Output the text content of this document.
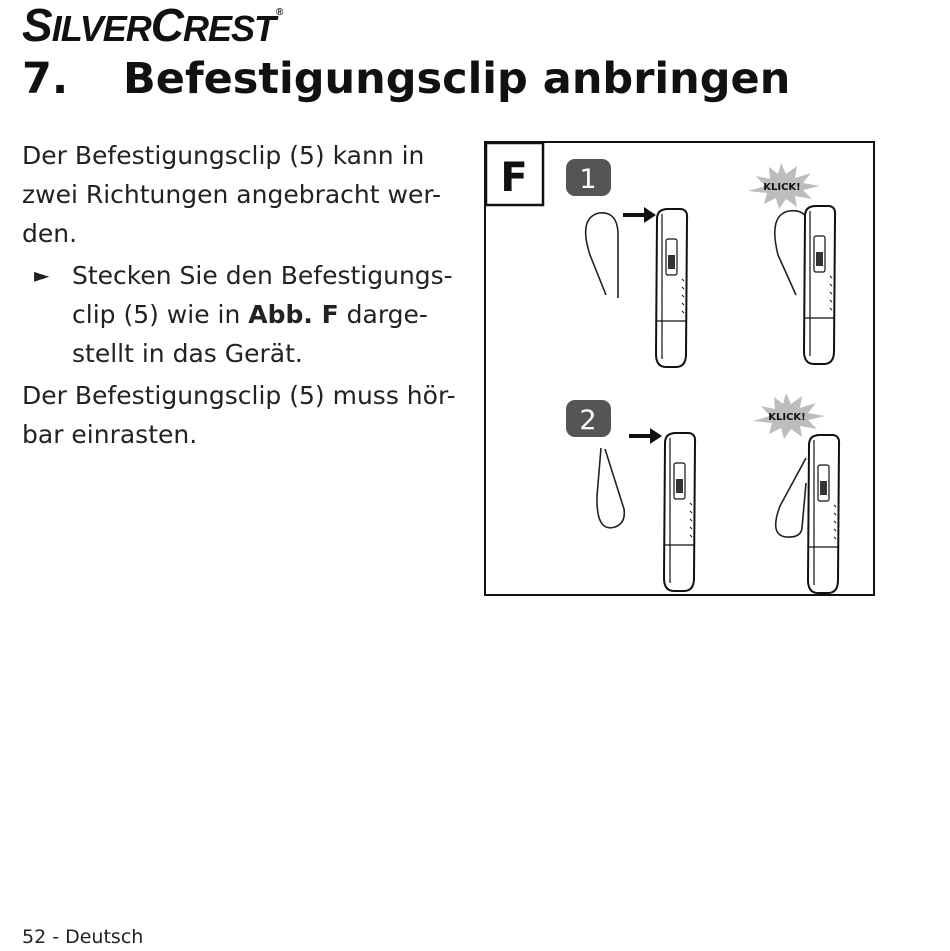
SILVERCREST®
7. Befestigungsclip anbringen

Der Befestigungsclip (5) kann in
zwei Richtungen angebracht wer-
den.

► Stecken Sie den Befestigungs-
clip (5) wie in Abb. F darge-
stellt in das Gerät.

Der Befestigungsclip (5) muss hör-
bar einrasten.

F 1
2
KLICK!
KLICK!
52 - Deutsch
